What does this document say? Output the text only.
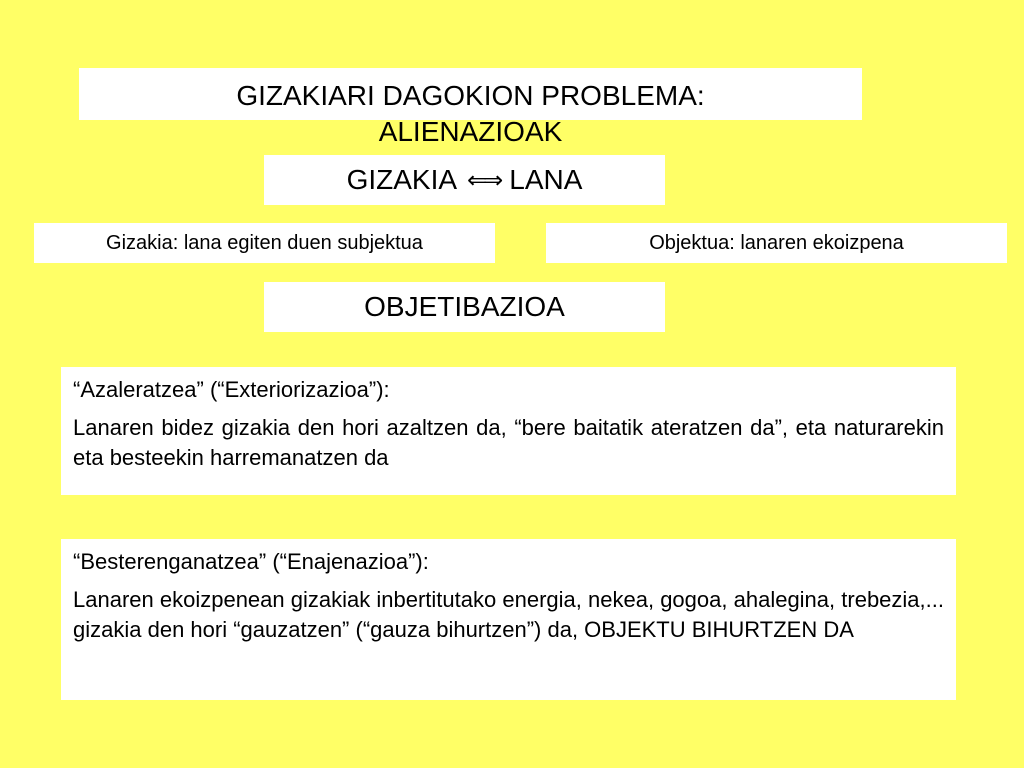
GIZAKIARI DAGOKION PROBLEMA:
ALIENAZIOAK
GIZAKIA ⇐⇒ LANA
Gizakia: lana egiten duen subjektua	Objektua: lanaren ekoizpena
OBJETIBAZIOA

“Azaleratzea” (“Exteriorizazioa”):

Lanaren bidez gizakia den hori azaltzen da, “bere baitatik ateratzen da”, eta naturarekin eta besteekin harremanatzen da

“Besterenganatzea” (“Enajenazioa”):

Lanaren ekoizpenean gizakiak inbertitutako energia, nekea, gogoa, ahalegina, trebezia,... gizakia den hori “gauzatzen” (“gauza bihurtzen”) da, OBJEKTU BIHURTZEN DA
